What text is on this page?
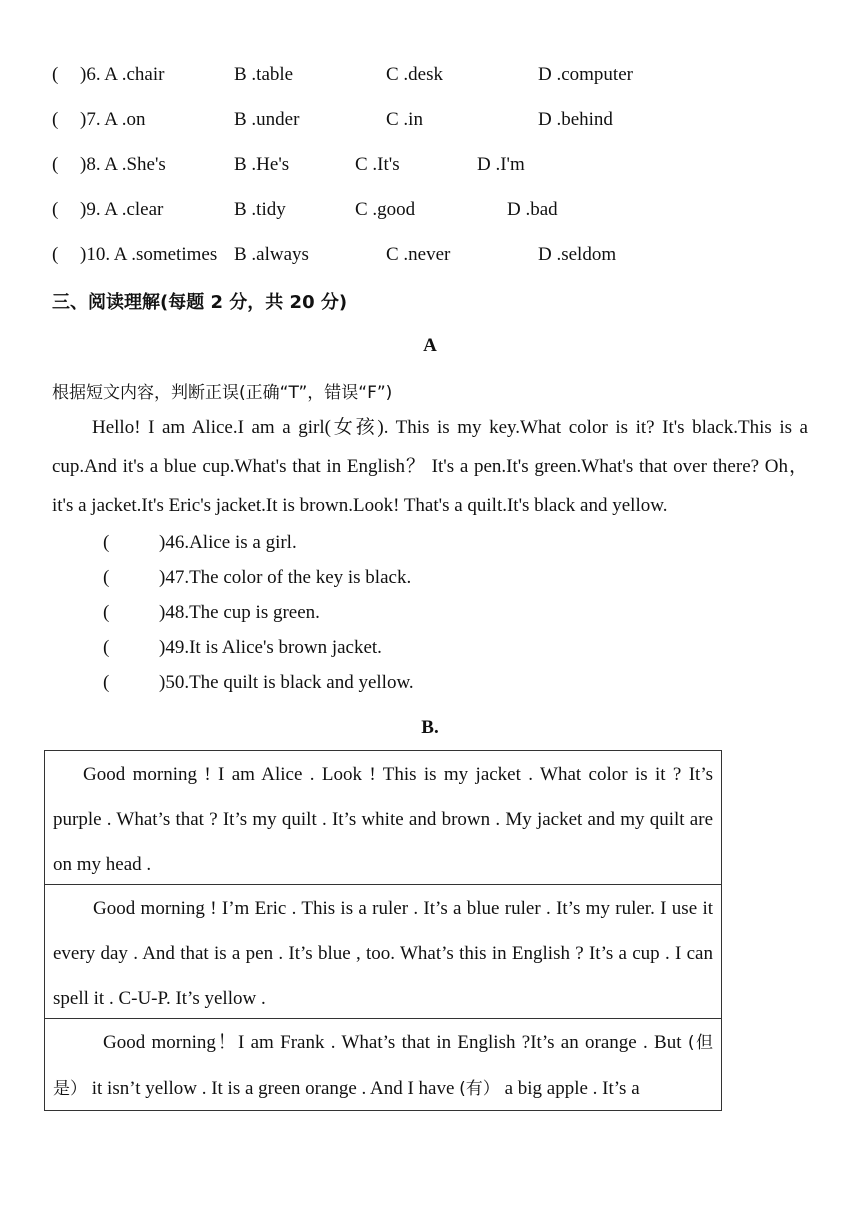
( )6. A .chair	B .table	C .desk	D .computer
( )7. A .on	B .under	C .in	D .behind
( )8. A .She's	B .He's	C .It's	D .I'm
( )9. A .clear	B .tidy	C .good	D .bad
( )10. A .sometimes B .always	C .never	D .seldom
三、阅读理解(每题 2 分，共 20 分)
A
根据短文内容，判断正误(正确“T”，错误“F”)

Hello! I am Alice.I am a girl(女孩). This is my key.What color is it? It's black.This is a cup.And it's a blue cup.What's that in English？ It's a pen.It's green.What's that over there? Oh，it's a jacket.It's Eric's jacket.It is brown.Look! That's a quilt.It's black and yellow.

(	)46.Alice is a girl.
(	)47.The color of the key is black.
(	)48.The cup is green.
(	)49.It is Alice's brown jacket.
(	)50.The quilt is black and yellow.
B.

Good morning ! I am Alice . Look ! This is my jacket . What color is it ? It’s purple . What’s that ? It’s my quilt . It’s white and brown . My jacket and my quilt are on my head .

Good morning ! I’m Eric . This is a ruler . It’s a blue ruler . It’s my ruler. I use it every day . And that is a pen . It’s blue , too. What’s this in English ? It’s a cup . I can spell it . C-U-P. It’s yellow .

Good morning！I am Frank . What’s that in English ?It’s an orange . But (但是） it isn’t yellow . It is a green orange . And I have (有） a big apple . It’s a
